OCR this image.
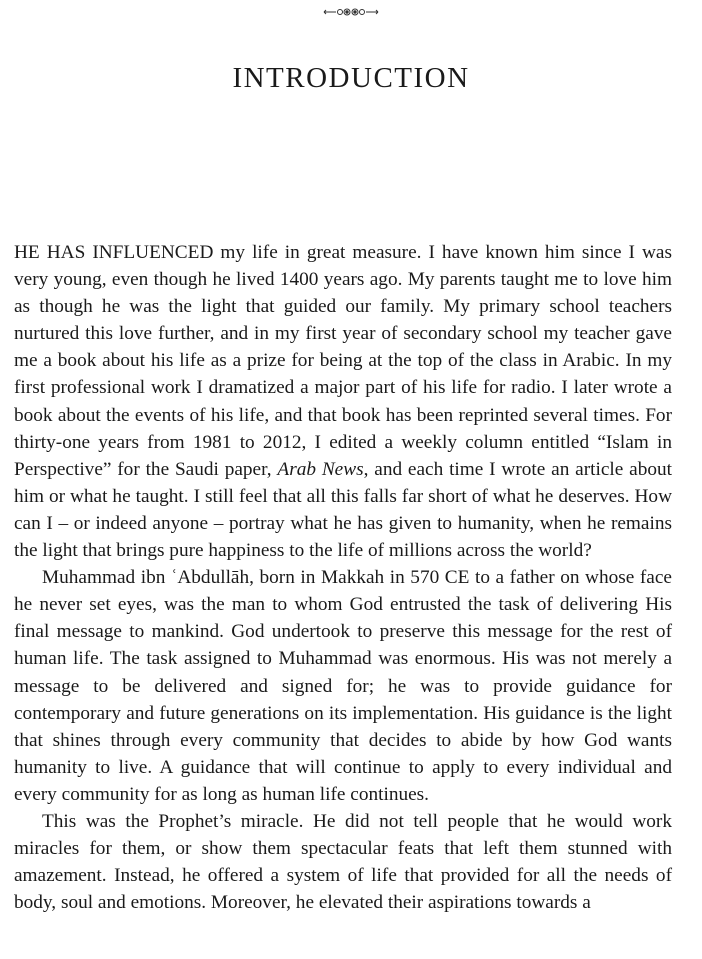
INTRODUCTION

HE HAS INFLUENCED my life in great measure. I have known him since I was very young, even though he lived 1400 years ago. My parents taught me to love him as though he was the light that guided our family. My primary school teachers nurtured this love further, and in my first year of secondary school my teacher gave me a book about his life as a prize for being at the top of the class in Arabic. In my first professional work I dramatized a major part of his life for radio. I later wrote a book about the events of his life, and that book has been reprinted several times. For thirty-one years from 1981 to 2012, I edited a weekly column entitled “Islam in Perspective” for the Saudi paper, Arab News, and each time I wrote an article about him or what he taught. I still feel that all this falls far short of what he deserves. How can I – or indeed anyone – portray what he has given to humanity, when he remains the light that brings pure happiness to the life of millions across the world?

Muhammad ibn ʿAbdullāh, born in Makkah in 570 CE to a father on whose face he never set eyes, was the man to whom God entrusted the task of delivering His final message to mankind. God undertook to preserve this message for the rest of human life. The task assigned to Muhammad was enormous. His was not merely a message to be delivered and signed for; he was to provide guidance for contemporary and future generations on its implementation. His guidance is the light that shines through every community that decides to abide by how God wants humanity to live. A guidance that will continue to apply to every individual and every community for as long as human life continues.

This was the Prophet’s miracle. He did not tell people that he would work miracles for them, or show them spectacular feats that left them stunned with amazement. Instead, he offered a system of life that provided for all the needs of body, soul and emotions. Moreover, he elevated their aspirations towards a
